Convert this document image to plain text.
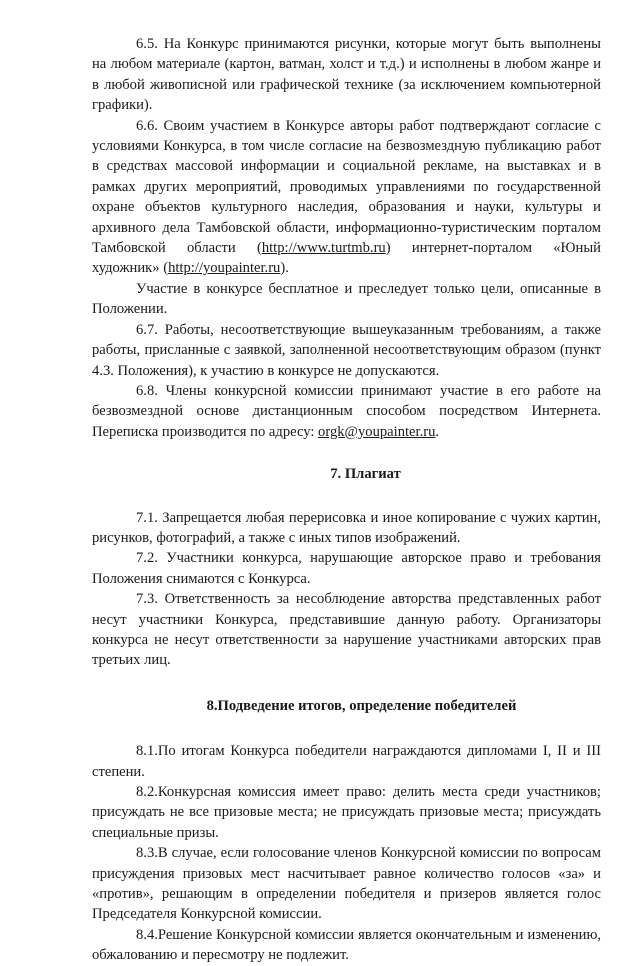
6.5. На Конкурс принимаются рисунки, которые могут быть выполнены на любом материале (картон, ватман, холст и т.д.) и исполнены в любом жанре и в любой живописной или графической технике (за исключением компьютерной графики).

6.6. Своим участием в Конкурсе авторы работ подтверждают согласие с условиями Конкурса, в том числе согласие на безвозмездную публикацию работ в средствах массовой информации и социальной рекламе, на выставках и в рамках других мероприятий, проводимых управлениями по государственной охране объектов культурного наследия, образования и науки, культуры и архивного дела Тамбовской области, информационно-туристическим порталом Тамбовской области (http://www.turtmb.ru) интернет-порталом «Юный художник» (http://youpainter.ru).

Участие в конкурсе бесплатное и преследует только цели, описанные в Положении.

6.7. Работы, несоответствующие вышеуказанным требованиям, а также работы, присланные с заявкой, заполненной несоответствующим образом (пункт 4.3. Положения), к участию в конкурсе не допускаются.

6.8. Члены конкурсной комиссии принимают участие в его работе на безвозмездной основе дистанционным способом посредством Интернета. Переписка производится по адресу: orgk@youpainter.ru.

7. Плагиат

7.1. Запрещается любая перерисовка и иное копирование с чужих картин, рисунков, фотографий, а также с иных типов изображений.

7.2. Участники конкурса, нарушающие авторское право и требования Положения снимаются с Конкурса.

7.3. Ответственность за несоблюдение авторства представленных работ несут участники Конкурса, представившие данную работу. Организаторы конкурса не несут ответственности за нарушение участниками авторских прав третьих лиц.

8.Подведение итогов, определение победителей

8.1.По итогам Конкурса победители награждаются дипломами I, II и III степени.

8.2.Конкурсная комиссия имеет право: делить места среди участников; присуждать не все призовые места; не присуждать призовые места; присуждать специальные призы.

8.3.В случае, если голосование членов Конкурсной комиссии по вопросам присуждения призовых мест насчитывает равное количество голосов «за» и «против», решающим в определении победителя и призеров является голос Председателя Конкурсной комиссии.

8.4.Решение Конкурсной комиссии является окончательным и изменению, обжалованию и пересмотру не подлежит.
